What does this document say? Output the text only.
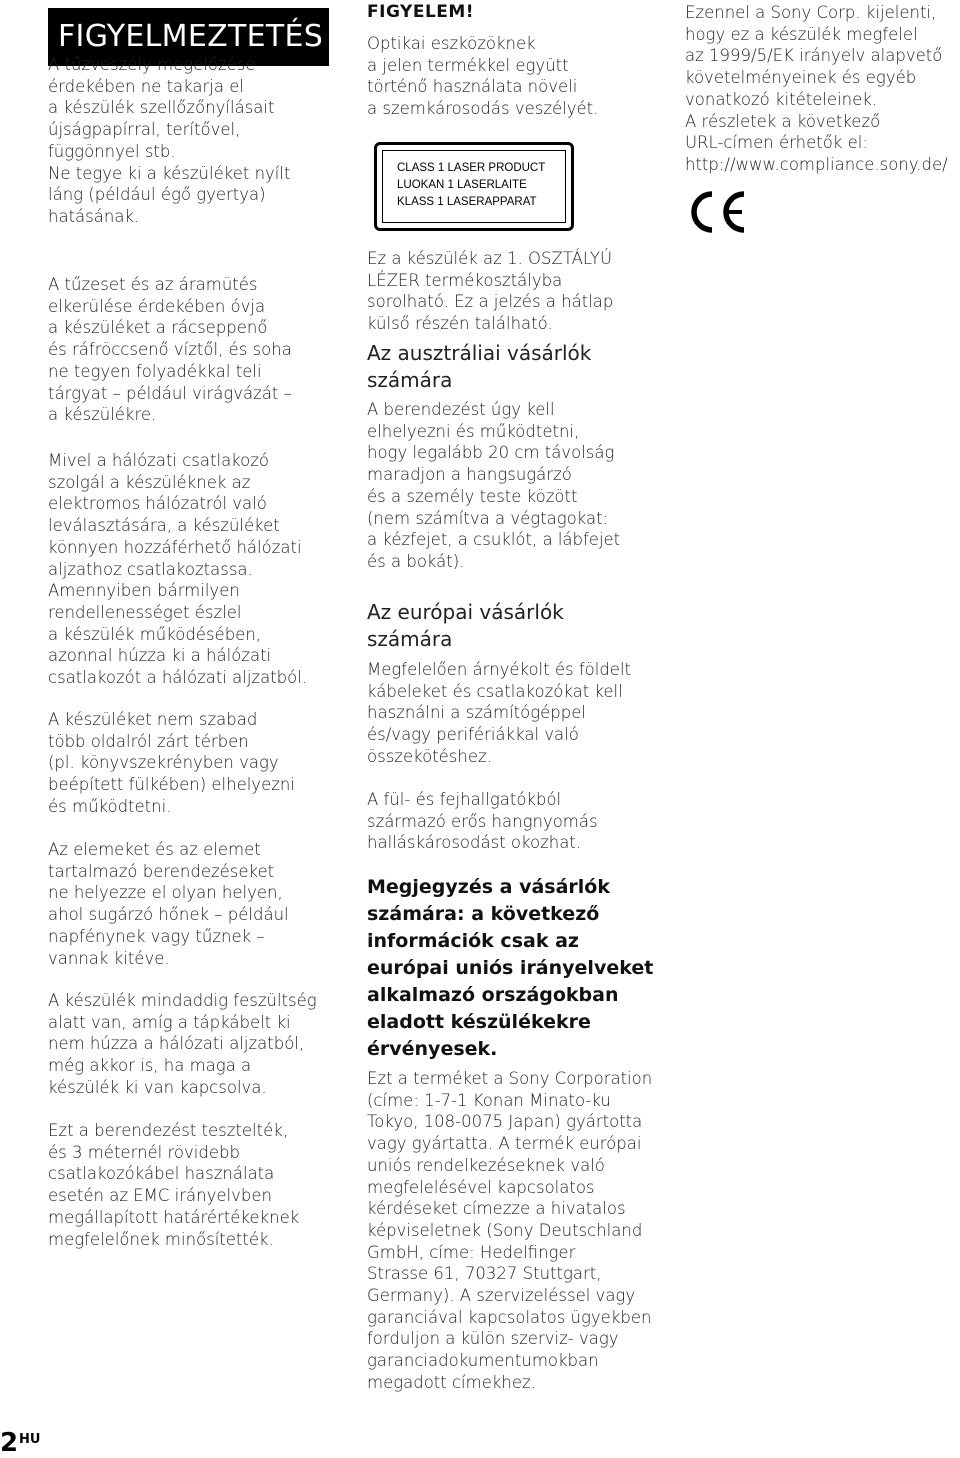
FIGYELMEZTETÉS
A tűzveszély megelőzése
érdekében ne takarja el
a készülék szellőzőnyílásait
újságpapírral, terítővel,
függönnyel stb.
Ne tegye ki a készüléket nyílt
láng (például égő gyertya)
hatásának.
A tűzeset és az áramütés
elkerülése érdekében óvja
a készüléket a rácseppenő
és ráfröccsenő víztől, és soha
ne tegyen folyadékkal teli
tárgyat – például virágvázát –
a készülékre.
Mivel a hálózati csatlakozó
szolgál a készüléknek az
elektromos hálózatról való
leválasztására, a készüléket
könnyen hozzáférhető hálózati
aljzathoz csatlakoztassa.
Amennyiben bármilyen
rendellenességet észlel
a készülék működésében,
azonnal húzza ki a hálózati
csatlakozót a hálózati aljzatból.
A készüléket nem szabad
több oldalról zárt térben
(pl. könyvszekrényben vagy
beépített fülkében) elhelyezni
és működtetni.
Az elemeket és az elemet
tartalmazó berendezéseket
ne helyezze el olyan helyen,
ahol sugárzó hőnek – például
napfénynek vagy tűznek –
vannak kitéve.
A készülék mindaddig feszültség
alatt van, amíg a tápkábelt ki
nem húzza a hálózati aljzatból,
még akkor is, ha maga a
készülék ki van kapcsolva.
Ezt a berendezést tesztelték,
és 3 méternél rövidebb
csatlakozókábel használata
esetén az EMC irányelvben
megállapított határértékeknek
megfelelőnek minősítették.
FIGYELEM!
Optikai eszközöknek
a jelen termékkel együtt
történő használata növeli
a szemkárosodás veszélyét.
CLASS 1 LASER PRODUCT
LUOKAN 1 LASERLAITE
KLASS 1 LASERAPPARAT
Ez a készülék az 1. OSZTÁLYÚ
LÉZER termékosztályba
sorolható. Ez a jelzés a hátlap
külső részén található.
Az ausztráliai vásárlók
számára
A berendezést úgy kell
elhelyezni és működtetni,
hogy legalább 20 cm távolság
maradjon a hangsugárzó
és a személy teste között
(nem számítva a végtagokat:
a kézfejet, a csuklót, a lábfejet
és a bokát).
Az európai vásárlók
számára
Megfelelően árnyékolt és földelt
kábeleket és csatlakozókat kell
használni a számítógéppel
és/vagy perifériákkal való
összekötéshez.
A fül- és fejhallgatókból
származó erős hangnyomás
halláskárosodást okozhat.
Megjegyzés a vásárlók
számára: a következő
információk csak az
európai uniós irányelveket
alkalmazó országokban
eladott készülékekre
érvényesek.
Ezt a terméket a Sony Corporation
(címe: 1-7-1 Konan Minato-ku
Tokyo, 108-0075 Japan) gyártotta
vagy gyártatta. A termék európai
uniós rendelkezéseknek való
megfelelésével kapcsolatos
kérdéseket címezze a hivatalos
képviseletnek (Sony Deutschland
GmbH, címe: Hedelfinger
Strasse 61, 70327 Stuttgart,
Germany). A szervizeléssel vagy
garanciával kapcsolatos ügyekben
forduljon a külön szerviz- vagy
garanciadokumentumokban
megadott címekhez.
Ezennel a Sony Corp. kijelenti,
hogy ez a készülék megfelel
az 1999/5/EK irányelv alapvető
követelményeinek és egyéb
vonatkozó kitételeinek.
A részletek a következő
URL-címen érhetők el:
http://www.compliance.sony.de/
2 HU
